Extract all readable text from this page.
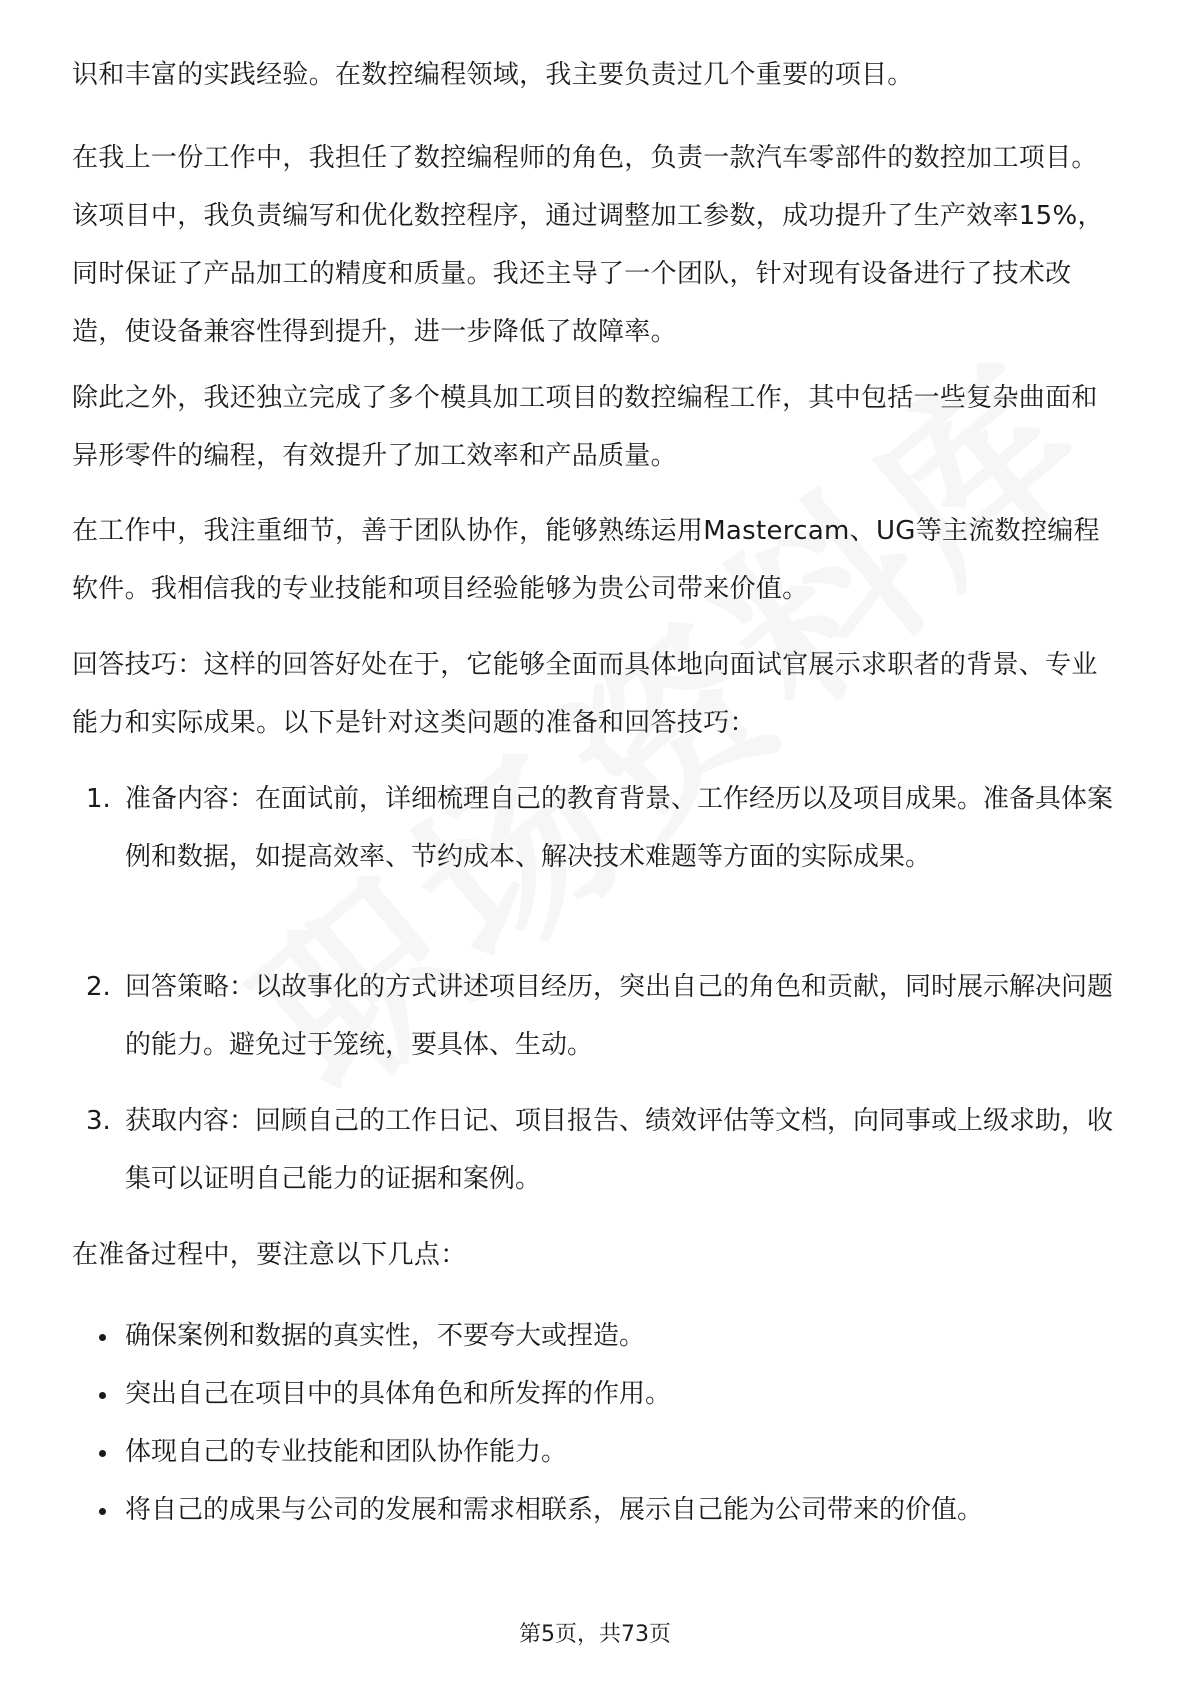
识和丰富的实践经验。在数控编程领域，我主要负责过几个重要的项目。

在我上一份工作中，我担任了数控编程师的角色，负责一款汽车零部件的数控加工项目。该项目中，我负责编写和优化数控程序，通过调整加工参数，成功提升了生产效率15%，同时保证了产品加工的精度和质量。我还主导了一个团队，针对现有设备进行了技术改造，使设备兼容性得到提升，进一步降低了故障率。

除此之外，我还独立完成了多个模具加工项目的数控编程工作，其中包括一些复杂曲面和异形零件的编程，有效提升了加工效率和产品质量。

在工作中，我注重细节，善于团队协作，能够熟练运用Mastercam、UG等主流数控编程软件。我相信我的专业技能和项目经验能够为贵公司带来价值。

回答技巧：这样的回答好处在于，它能够全面而具体地向面试官展示求职者的背景、专业能力和实际成果。以下是针对这类问题的准备和回答技巧：

1. 准备内容：在面试前，详细梳理自己的教育背景、工作经历以及项目成果。准备具体案例和数据，如提高效率、节约成本、解决技术难题等方面的实际成果。
2. 回答策略：以故事化的方式讲述项目经历，突出自己的角色和贡献，同时展示解决问题的能力。避免过于笼统，要具体、生动。
3. 获取内容：回顾自己的工作日记、项目报告、绩效评估等文档，向同事或上级求助，收集可以证明自己能力的证据和案例。

在准备过程中，要注意以下几点：

确保案例和数据的真实性，不要夸大或捏造。
突出自己在项目中的具体角色和所发挥的作用。
体现自己的专业技能和团队协作能力。
将自己的成果与公司的发展和需求相联系，展示自己能为公司带来的价值。
第5页，共73页
